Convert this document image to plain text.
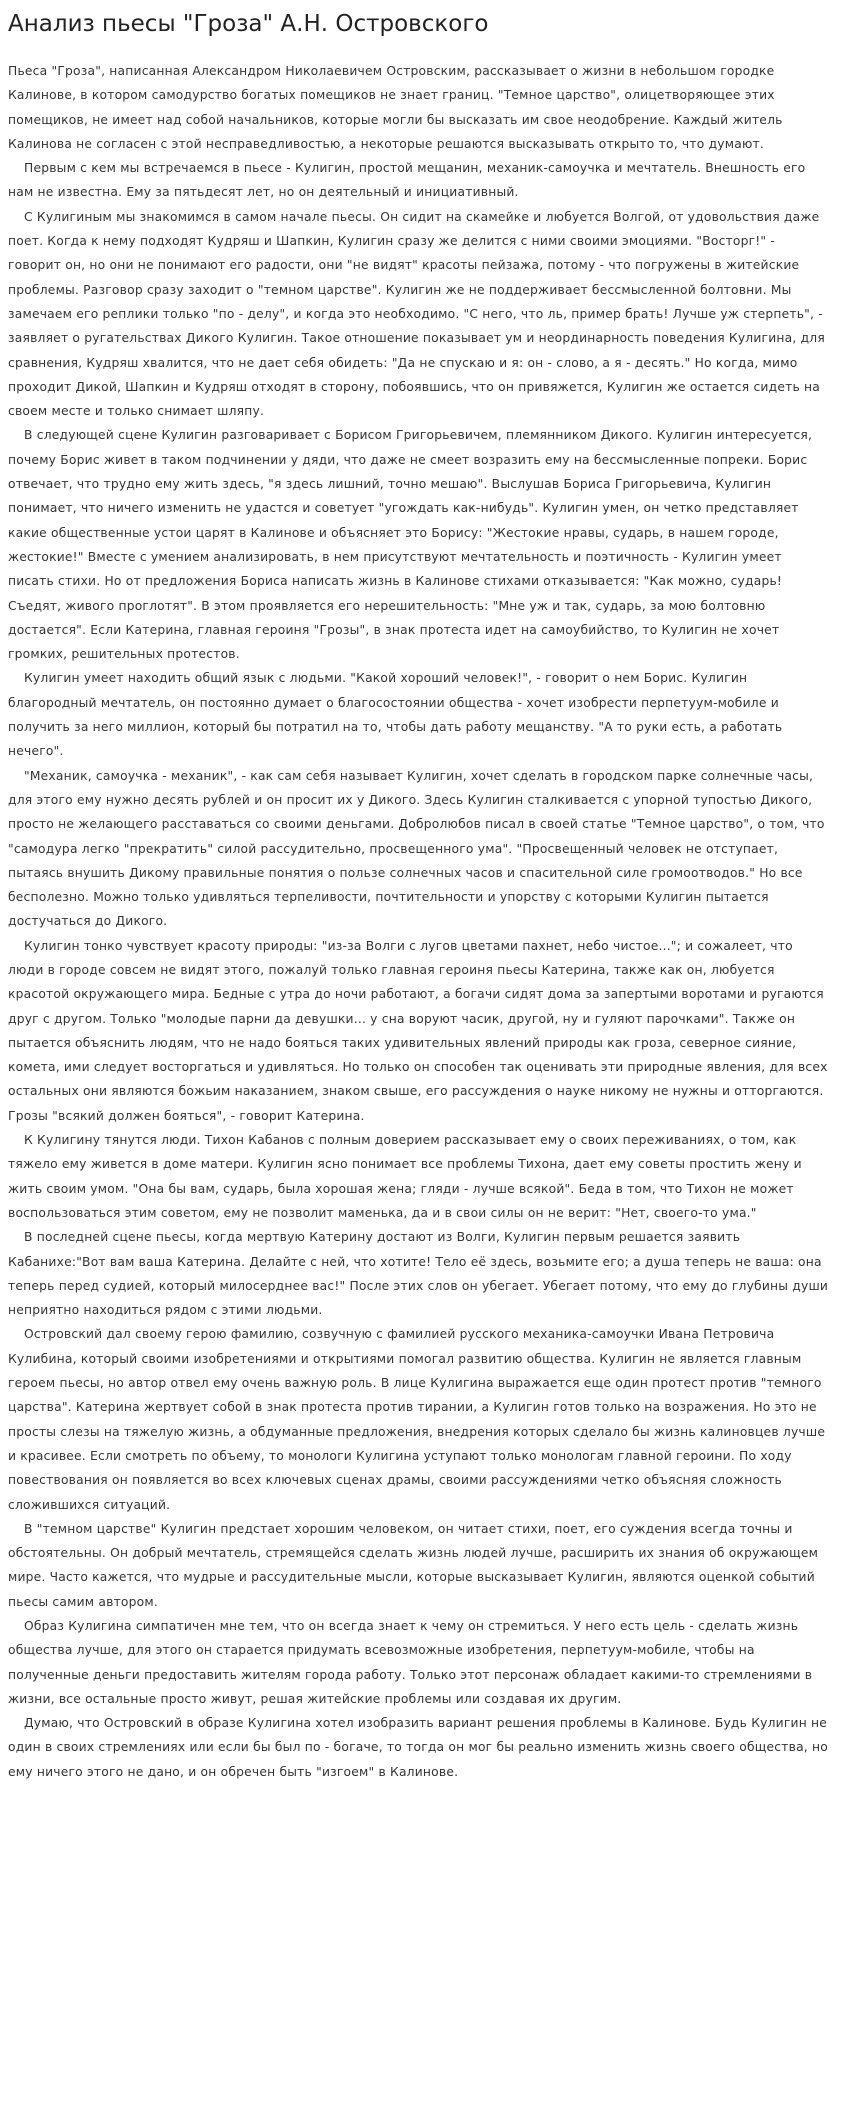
Анализ пьесы "Гроза" А.Н. Островского

Пьеса "Гроза", написанная Александром Николаевичем Островским, рассказывает о жизни в небольшом городке Калинове, в котором самодурство богатых помещиков не знает границ. "Темное царство", олицетворяющее этих помещиков, не имеет над собой начальников, которые могли бы высказать им свое неодобрение. Каждый житель Калинова не согласен с этой несправедливостью, а некоторые решаются высказывать открыто то, что думают.

Первым с кем мы встречаемся в пьесе - Кулигин, простой мещанин, механик-самоучка и мечтатель. Внешность его нам не известна. Ему за пятьдесят лет, но он деятельный и инициативный.

С Кулигиным мы знакомимся в самом начале пьесы. Он сидит на скамейке и любуется Волгой, от удовольствия даже поет. Когда к нему подходят Кудряш и Шапкин, Кулигин сразу же делится с ними своими эмоциями. "Восторг!" - говорит он, но они не понимают его радости, они "не видят" красоты пейзажа, потому - что погружены в житейские проблемы. Разговор сразу заходит о "темном царстве". Кулигин же не поддерживает бессмысленной болтовни. Мы замечаем его реплики только "по - делу", и когда это необходимо. "С него, что ль, пример брать! Лучше уж стерпеть", - заявляет о ругательствах Дикого Кулигин. Такое отношение показывает ум и неординарность поведения Кулигина, для сравнения, Кудряш хвалится, что не дает себя обидеть: "Да не спускаю и я: он - слово, а я - десять." Но когда, мимо проходит Дикой, Шапкин и Кудряш отходят в сторону, побоявшись, что он привяжется, Кулигин же остается сидеть на своем месте и только снимает шляпу.

В следующей сцене Кулигин разговаривает с Борисом Григорьевичем, племянником Дикого. Кулигин интересуется, почему Борис живет в таком подчинении у дяди, что даже не смеет возразить ему на бессмысленные попреки. Борис отвечает, что трудно ему жить здесь, "я здесь лишний, точно мешаю". Выслушав Бориса Григорьевича, Кулигин понимает, что ничего изменить не удастся и советует "угождать как-нибудь". Кулигин умен, он четко представляет какие общественные устои царят в Калинове и объясняет это Борису: "Жестокие нравы, сударь, в нашем городе, жестокие!" Вместе с умением анализировать, в нем присутствуют мечтательность и поэтичность - Кулигин умеет писать стихи. Но от предложения Бориса написать жизнь в Калинове стихами отказывается: "Как можно, сударь! Съедят, живого проглотят". В этом проявляется его нерешительность: "Мне уж и так, сударь, за мою болтовню достается". Если Катерина, главная героиня "Грозы", в знак протеста идет на самоубийство, то Кулигин не хочет громких, решительных протестов.

Кулигин умеет находить общий язык с людьми. "Какой хороший человек!", - говорит о нем Борис. Кулигин благородный мечтатель, он постоянно думает о благосостоянии общества - хочет изобрести перпетуум-мобиле и получить за него миллион, который бы потратил на то, чтобы дать работу мещанству. "А то руки есть, а работать нечего".

"Механик, самоучка - механик", - как сам себя называет Кулигин, хочет сделать в городском парке солнечные часы, для этого ему нужно десять рублей и он просит их у Дикого. Здесь Кулигин сталкивается с упорной тупостью Дикого, просто не желающего расставаться со своими деньгами. Добролюбов писал в своей статье "Темное царство", о том, что "самодура легко "прекратить" силой рассудительно, просвещенного ума". "Просвещенный человек не отступает, пытаясь внушить Дикому правильные понятия о пользе солнечных часов и спасительной силе громоотводов." Но все бесполезно. Можно только удивляться терпеливости, почтительности и упорству с которыми Кулигин пытается достучаться до Дикого.

Кулигин тонко чувствует красоту природы: "из-за Волги с лугов цветами пахнет, небо чистое..."; и сожалеет, что люди в городе совсем не видят этого, пожалуй только главная героиня пьесы Катерина, также как он, любуется красотой окружающего мира. Бедные с утра до ночи работают, а богачи сидят дома за запертыми воротами и ругаются друг с другом. Только "молодые парни да девушки... у сна воруют часик, другой, ну и гуляют парочками". Также он пытается объяснить людям, что не надо бояться таких удивительных явлений природы как гроза, северное сияние, комета, ими следует восторгаться и удивляться. Но только он способен так оценивать эти природные явления, для всех остальных они являются божьим наказанием, знаком свыше, его рассуждения о науке никому не нужны и отторгаются. Грозы "всякий должен бояться", - говорит Катерина.

К Кулигину тянутся люди. Тихон Кабанов с полным доверием рассказывает ему о своих переживаниях, о том, как тяжело ему живется в доме матери. Кулигин ясно понимает все проблемы Тихона, дает ему советы простить жену и жить своим умом. "Она бы вам, сударь, была хорошая жена; гляди - лучше всякой". Беда в том, что Тихон не может воспользоваться этим советом, ему не позволит маменька, да и в свои силы он не верит: "Нет, своего-то ума."

В последней сцене пьесы, когда мертвую Катерину достают из Волги, Кулигин первым решается заявить Кабанихе:"Вот вам ваша Катерина. Делайте с ней, что хотите! Тело её здесь, возьмите его; а душа теперь не ваша: она теперь перед судией, который милосерднее вас!" После этих слов он убегает. Убегает потому, что ему до глубины души неприятно находиться рядом с этими людьми.

Островский дал своему герою фамилию, созвучную с фамилией русского механика-самоучки Ивана Петровича Кулибина, который своими изобретениями и открытиями помогал развитию общества. Кулигин не является главным героем пьесы, но автор отвел ему очень важную роль. В лице Кулигина выражается еще один протест против "темного царства". Катерина жертвует собой в знак протеста против тирании, а Кулигин готов только на возражения. Но это не просты слезы на тяжелую жизнь, а обдуманные предложения, внедрения которых сделало бы жизнь калиновцев лучше и красивее. Если смотреть по объему, то монологи Кулигина уступают только монологам главной героини. По ходу повествования он появляется во всех ключевых сценах драмы, своими рассуждениями четко объясняя сложность сложившихся ситуаций.

В "темном царстве" Кулигин предстает хорошим человеком, он читает стихи, поет, его суждения всегда точны и обстоятельны. Он добрый мечтатель, стремящейся сделать жизнь людей лучше, расширить их знания об окружающем мире. Часто кажется, что мудрые и рассудительные мысли, которые высказывает Кулигин, являются оценкой событий пьесы самим автором.

Образ Кулигина симпатичен мне тем, что он всегда знает к чему он стремиться. У него есть цель - сделать жизнь общества лучше, для этого он старается придумать всевозможные изобретения, перпетуум-мобиле, чтобы на полученные деньги предоставить жителям города работу. Только этот персонаж обладает какими-то стремлениями в жизни, все остальные просто живут, решая житейские проблемы или создавая их другим.

Думаю, что Островский в образе Кулигина хотел изобразить вариант решения проблемы в Калинове. Будь Кулигин не один в своих стремлениях или если бы был по - богаче, то тогда он мог бы реально изменить жизнь своего общества, но ему ничего этого не дано, и он обречен быть "изгоем" в Калинове.
